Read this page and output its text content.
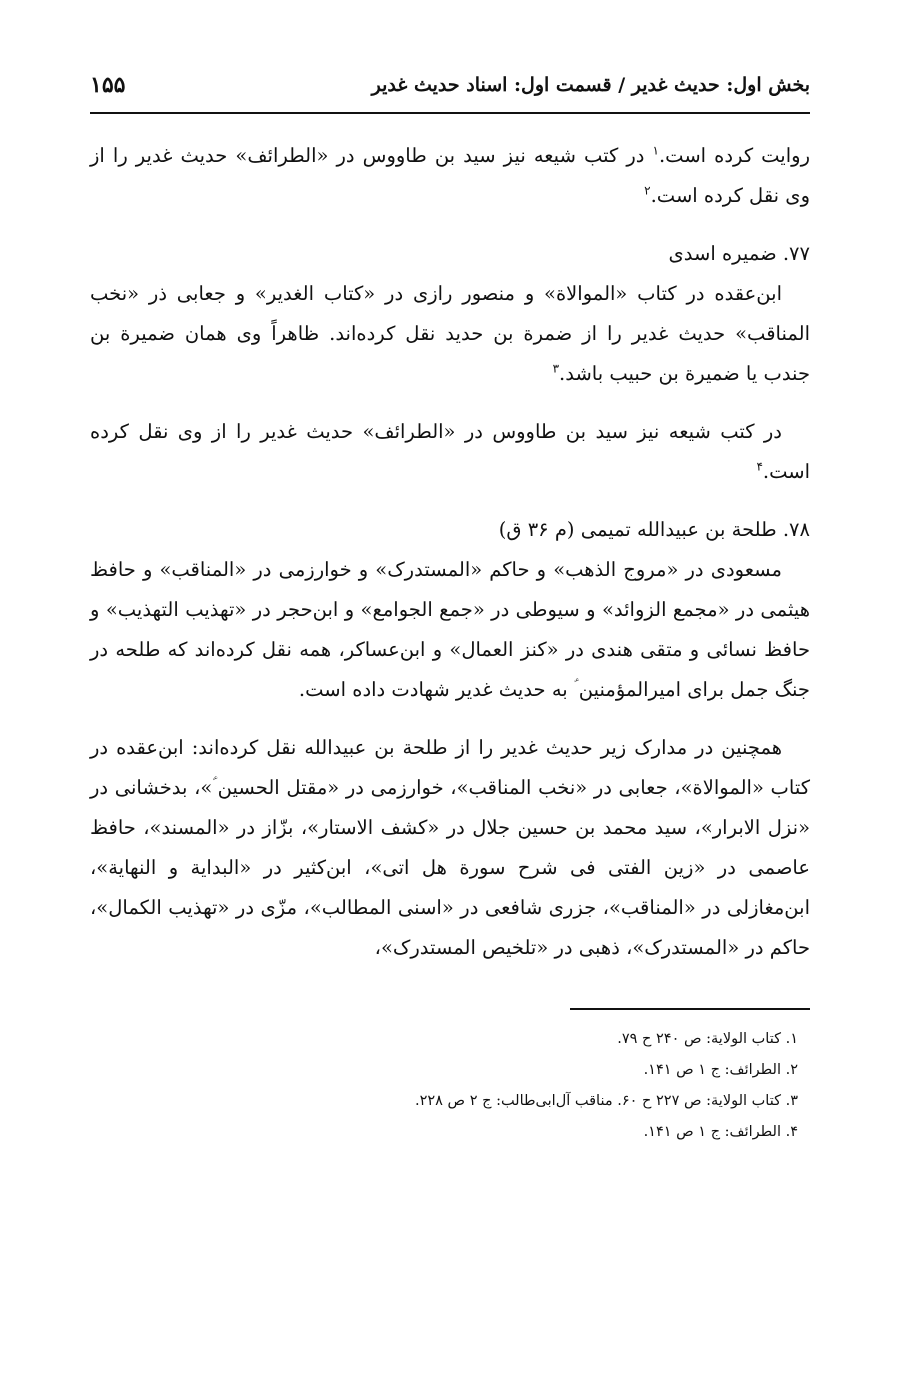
بخش اول: حدیث غدیر / قسمت اول: اسناد حدیث غدیر
۱۵۵

روایت کرده است.$^۱$ در کتب شیعه نیز سید بن طاووس در «الطرائف» حدیث غدیر را از وی نقل کرده است.$^۲$

۷۷. ضمیره اسدی

ابن‌عقده در کتاب «الموالاة» و منصور رازی در «کتاب الغدیر» و جعابی ذر «نخب المناقب» حدیث غدیر را از ضمرة بن حدید نقل کرده‌اند. ظاهراً وی همان ضمیرة بن جندب یا ضمیرة بن حبیب باشد.$^۳$

در کتب شیعه نیز سید بن طاووس در «الطرائف» حدیث غدیر را از وی نقل کرده است.$^۴$

۷۸. طلحة بن عبیدالله تمیمی (م ۳۶ ق)

مسعودی در «مروج الذهب» و حاکم «المستدرک» و خوارزمی در «المناقب» و حافظ هیثمی در «مجمع الزوائد» و سیوطی در «جمع الجوامع» و ابن‌حجر در «تهذیب التهذیب» و حافظ نسائی و متقی هندی در «کنز العمال» و ابن‌عساکر، همه نقل کرده‌اند که طلحه در جنگ جمل برای امیرالمؤمنین ؑ به حدیث غدیر شهادت داده است.

همچنین در مدارک زیر حدیث غدیر را از طلحة بن عبیدالله نقل کرده‌اند: ابن‌عقده در کتاب «الموالاة»، جعابی در «نخب المناقب»، خوارزمی در «مقتل الحسین ؑ»، بدخشانی در «نزل الابرار»، سید محمد بن حسین جلال در «کشف الاستار»، بزّاز در «المسند»، حافظ عاصمی در «زین الفتی فی شرح سورة هل اتی»، ابن‌کثیر در «البدایة و النهایة»، ابن‌مغازلی در «المناقب»، جزری شافعی در «اسنی المطالب»، مزّی در «تهذیب الکمال»، حاکم در «المستدرک»، ذهبی در «تلخیص المستدرک»،

۱. کتاب الولایة: ص ۲۴۰ ح ۷۹.

۲. الطرائف: ج ۱ ص ۱۴۱.

۳. کتاب الولایة: ص ۲۲۷ ح ۶۰. مناقب آل‌ابی‌طالب: ج ۲ ص ۲۲۸.

۴. الطرائف: ج ۱ ص ۱۴۱.
